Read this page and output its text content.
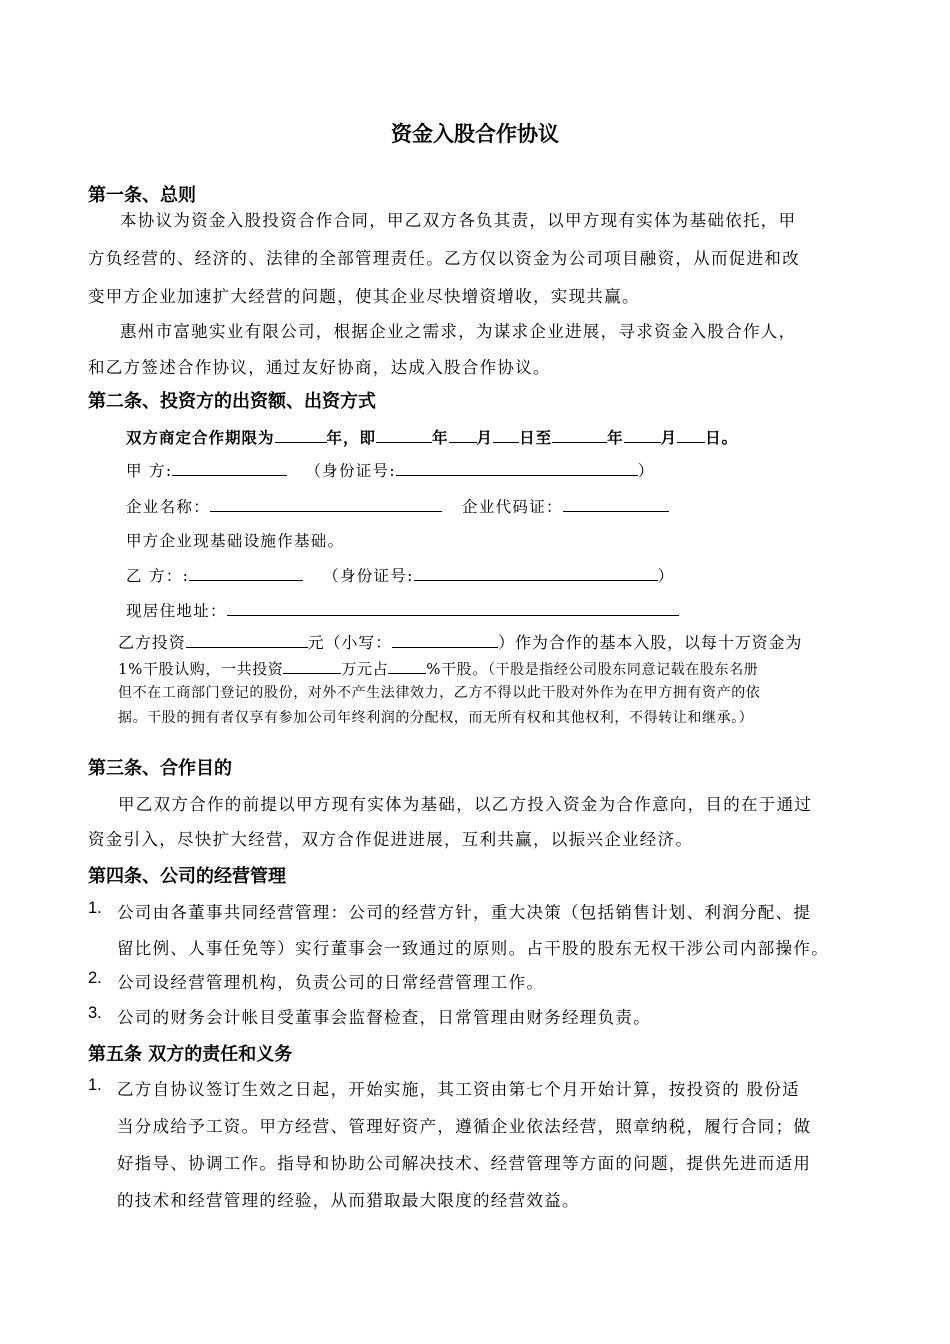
资金入股合作协议
第一条、总则
本协议为资金入股投资合作合同，甲乙双方各负其责，以甲方现有实体为基础依托，甲
方负经营的、经济的、法律的全部管理责任。乙方仅以资金为公司项目融资，从而促进和改
变甲方企业加速扩大经营的问题，使其企业尽快增资增收，实现共赢。
惠州市富驰实业有限公司，根据企业之需求，为谋求企业进展，寻求资金入股合作人，
和乙方签述合作协议，通过友好协商，达成入股合作协议。
第二条、投资方的出资额、出资方式
双方商定合作期限为	年，即	年 月 日至	年 月 日。
甲 方:	（身份证号:	）
企业名称：	企业代码证：
甲方企业现基础设施作基础。
乙 方：:	（身份证号:	）
现居住地址：
乙方投资	元（小写：	）作为合作的基本入股，以每十万资金为
1%干股认购，一共投资	万元占	%干股。（干股是指经公司股东同意记载在股东名册
但不在工商部门登记的股份，对外不产生法律效力，乙方不得以此干股对外作为在甲方拥有资产的依
据。干股的拥有者仅享有参加公司年终利润的分配权，而无所有权和其他权利，不得转让和继承。）
第三条、合作目的
甲乙双方合作的前提以甲方现有实体为基础，以乙方投入资金为合作意向，目的在于通过
资金引入，尽快扩大经营，双方合作促进进展，互利共赢，以振兴企业经济。
第四条、公司的经营管理
1. 公司由各董事共同经营管理：公司的经营方针，重大决策（包括销售计划、利润分配、提
留比例、人事任免等）实行董事会一致通过的原则。占干股的股东无权干涉公司内部操作。
2. 公司设经营管理机构，负责公司的日常经营管理工作。
3. 公司的财务会计帐目受董事会监督检查，日常管理由财务经理负责。
第五条 双方的责任和义务
1. 乙方自协议签订生效之日起，开始实施，其工资由第七个月开始计算，按投资的 股份适
当分成给予工资。甲方经营、管理好资产，遵循企业依法经营，照章纳税，履行合同；做
好指导、协调工作。指导和协助公司解决技术、经营管理等方面的问题，提供先进而适用
的技术和经营管理的经验，从而猎取最大限度的经营效益。
